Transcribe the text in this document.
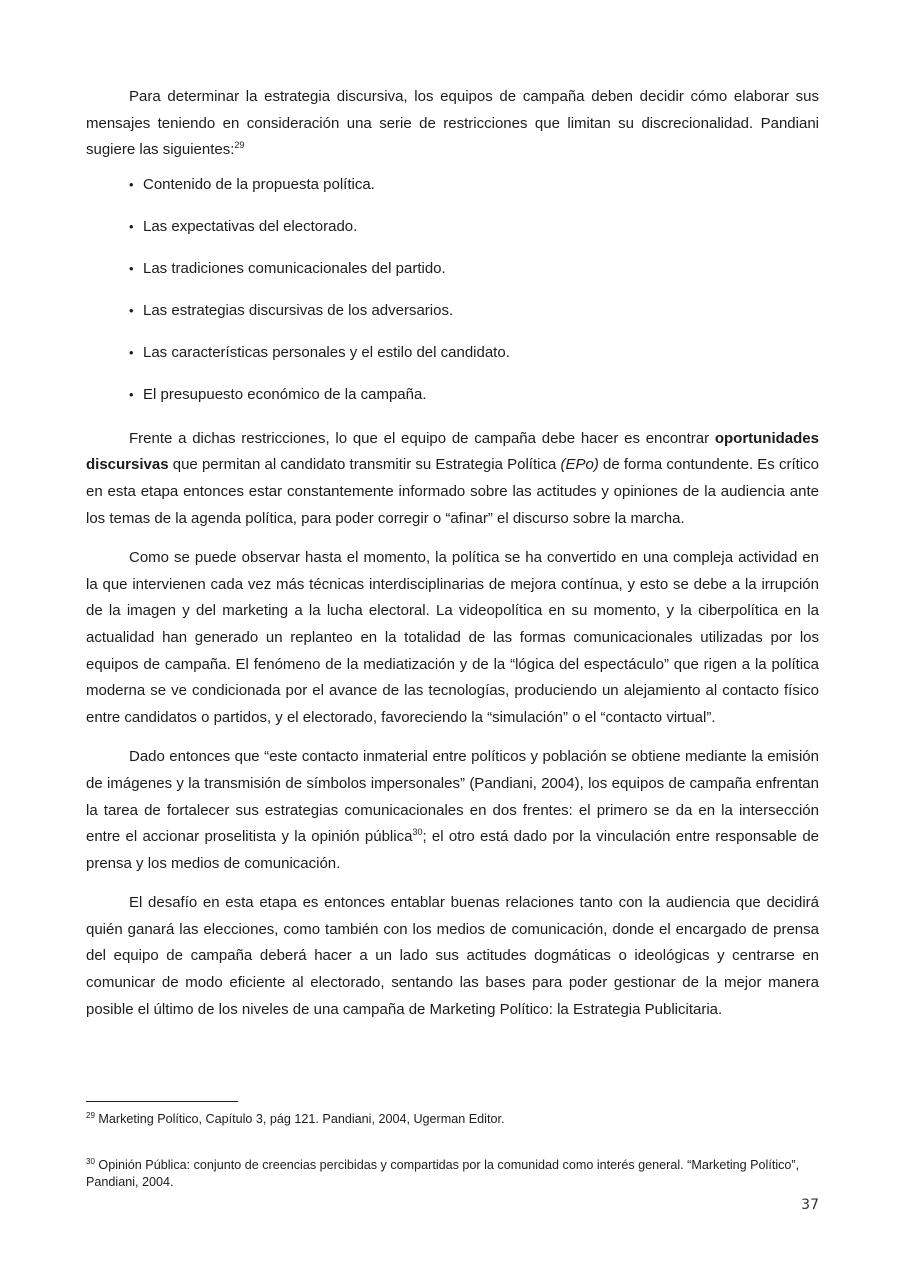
Para determinar la estrategia discursiva, los equipos de campaña deben decidir cómo elaborar sus mensajes teniendo en consideración una serie de restricciones que limitan su discrecionalidad. Pandiani sugiere las siguientes:$^{29}$

• Contenido de la propuesta política.
• Las expectativas del electorado.
• Las tradiciones comunicacionales del partido.
• Las estrategias discursivas de los adversarios.
• Las características personales y el estilo del candidato.
• El presupuesto económico de la campaña.

Frente a dichas restricciones, lo que el equipo de campaña debe hacer es encontrar oportunidades discursivas que permitan al candidato transmitir su Estrategia Política (EPo) de forma contundente. Es crítico en esta etapa entonces estar constantemente informado sobre las actitudes y opiniones de la audiencia ante los temas de la agenda política, para poder corregir o “afinar” el discurso sobre la marcha.

Como se puede observar hasta el momento, la política se ha convertido en una compleja actividad en la que intervienen cada vez más técnicas interdisciplinarias de mejora contínua, y esto se debe a la irrupción de la imagen y del marketing a la lucha electoral. La videopolítica en su momento, y la ciberpolítica en la actualidad han generado un replanteo en la totalidad de las formas comunicacionales utilizadas por los equipos de campaña. El fenómeno de la mediatización y de la “lógica del espectáculo” que rigen a la política moderna se ve condicionada por el avance de las tecnologías, produciendo un alejamiento al contacto físico entre candidatos o partidos, y el electorado, favoreciendo la “simulación” o el “contacto virtual”.

Dado entonces que “este contacto inmaterial entre políticos y población se obtiene mediante la emisión de imágenes y la transmisión de símbolos impersonales” (Pandiani, 2004), los equipos de campaña enfrentan la tarea de fortalecer sus estrategias comunicacionales en dos frentes: el primero se da en la intersección entre el accionar proselitista y la opinión pública$^{30}$; el otro está dado por la vinculación entre responsable de prensa y los medios de comunicación.

El desafío en esta etapa es entonces entablar buenas relaciones tanto con la audiencia que decidirá quién ganará las elecciones, como también con los medios de comunicación, donde el encargado de prensa del equipo de campaña deberá hacer a un lado sus actitudes dogmáticas o ideológicas y centrarse en comunicar de modo eficiente al electorado, sentando las bases para poder gestionar de la mejor manera posible el último de los niveles de una campaña de Marketing Político: la Estrategia Publicitaria.

$^{29}$ Marketing Político, Capítulo 3, pág 121. Pandiani, 2004, Ugerman Editor.
$^{30}$ Opinión Pública: conjunto de creencias percibidas y compartidas por la comunidad como interés general. “Marketing Político”, Pandiani, 2004.
37
